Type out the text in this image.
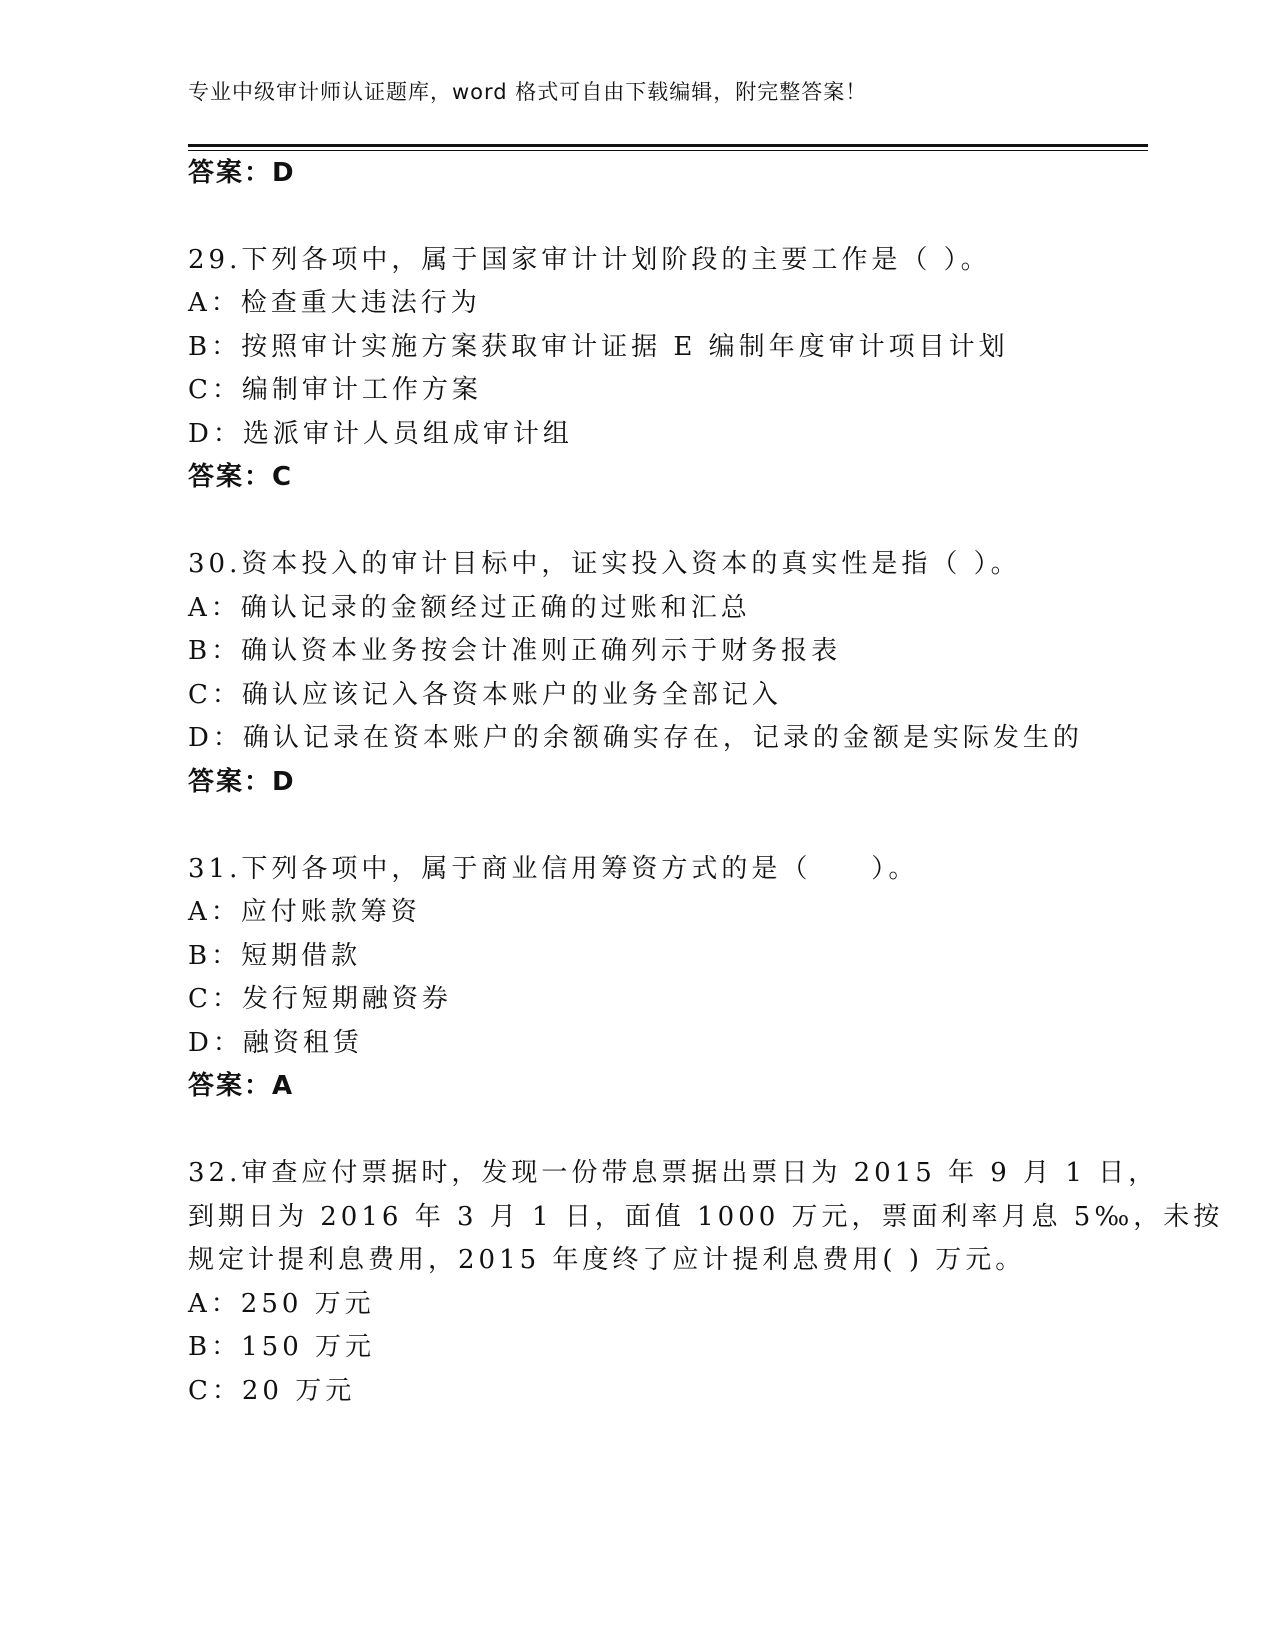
专业中级审计师认证题库，word 格式可自由下载编辑，附完整答案！
答案：D
29.下列各项中，属于国家审计计划阶段的主要工作是（ ）。
A：检查重大违法行为
B：按照审计实施方案获取审计证据 E 编制年度审计项目计划
C：编制审计工作方案
D：选派审计人员组成审计组
答案：C
30.资本投入的审计目标中，证实投入资本的真实性是指（ ）。
A：确认记录的金额经过正确的过账和汇总
B：确认资本业务按会计准则正确列示于财务报表
C：确认应该记入各资本账户的业务全部记入
D：确认记录在资本账户的余额确实存在，记录的金额是实际发生的
答案：D
31.下列各项中，属于商业信用筹资方式的是（　　）。
A：应付账款筹资
B：短期借款
C：发行短期融资券
D：融资租赁
答案：A
32.审查应付票据时，发现一份带息票据出票日为 2015 年 9 月 1 日，
到期日为 2016 年 3 月 1 日，面值 1000 万元，票面利率月息 5‰，未按
规定计提利息费用，2015 年度终了应计提利息费用( ) 万元。
A：250 万元
B：150 万元
C：20 万元
